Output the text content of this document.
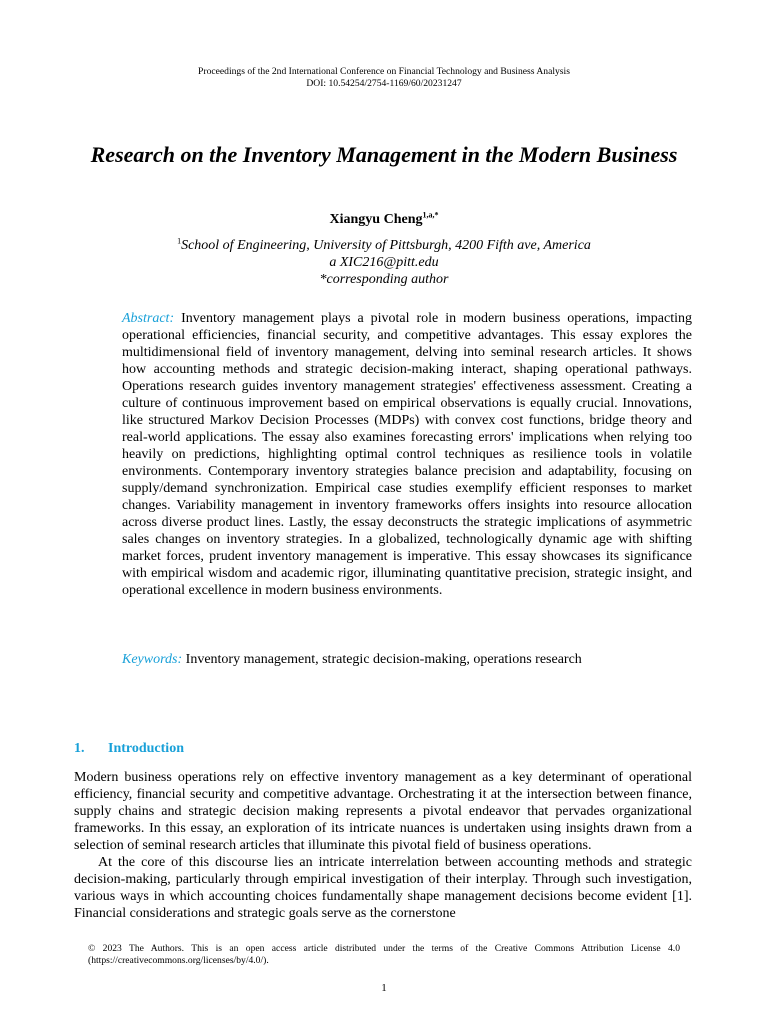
Proceedings of the 2nd International Conference on Financial Technology and Business Analysis
DOI: 10.54254/2754-1169/60/20231247
Research on the Inventory Management in the Modern Business
Xiangyu Cheng$^{1,a,*}$
$^1$School of Engineering, University of Pittsburgh, 4200 Fifth ave, America
a XIC216@pitt.edu
*corresponding author
Abstract: Inventory management plays a pivotal role in modern business operations, impacting operational efficiencies, financial security, and competitive advantages. This essay explores the multidimensional field of inventory management, delving into seminal research articles. It shows how accounting methods and strategic decision-making interact, shaping operational pathways. Operations research guides inventory management strategies' effectiveness assessment. Creating a culture of continuous improvement based on empirical observations is equally crucial. Innovations, like structured Markov Decision Processes (MDPs) with convex cost functions, bridge theory and real-world applications. The essay also examines forecasting errors' implications when relying too heavily on predictions, highlighting optimal control techniques as resilience tools in volatile environments. Contemporary inventory strategies balance precision and adaptability, focusing on supply/demand synchronization. Empirical case studies exemplify efficient responses to market changes. Variability management in inventory frameworks offers insights into resource allocation across diverse product lines. Lastly, the essay deconstructs the strategic implications of asymmetric sales changes on inventory strategies. In a globalized, technologically dynamic age with shifting market forces, prudent inventory management is imperative. This essay showcases its significance with empirical wisdom and academic rigor, illuminating quantitative precision, strategic insight, and operational excellence in modern business environments.
Keywords: Inventory management, strategic decision-making, operations research
1. Introduction

Modern business operations rely on effective inventory management as a key determinant of operational efficiency, financial security and competitive advantage. Orchestrating it at the intersection between finance, supply chains and strategic decision making represents a pivotal endeavor that pervades organizational frameworks. In this essay, an exploration of its intricate nuances is undertaken using insights drawn from a selection of seminal research articles that illuminate this pivotal field of business operations.

At the core of this discourse lies an intricate interrelation between accounting methods and strategic decision-making, particularly through empirical investigation of their interplay. Through such investigation, various ways in which accounting choices fundamentally shape management decisions become evident [1]. Financial considerations and strategic goals serve as the cornerstone

© 2023 The Authors. This is an open access article distributed under the terms of the Creative Commons Attribution License 4.0 (https://creativecommons.org/licenses/by/4.0/).
1
